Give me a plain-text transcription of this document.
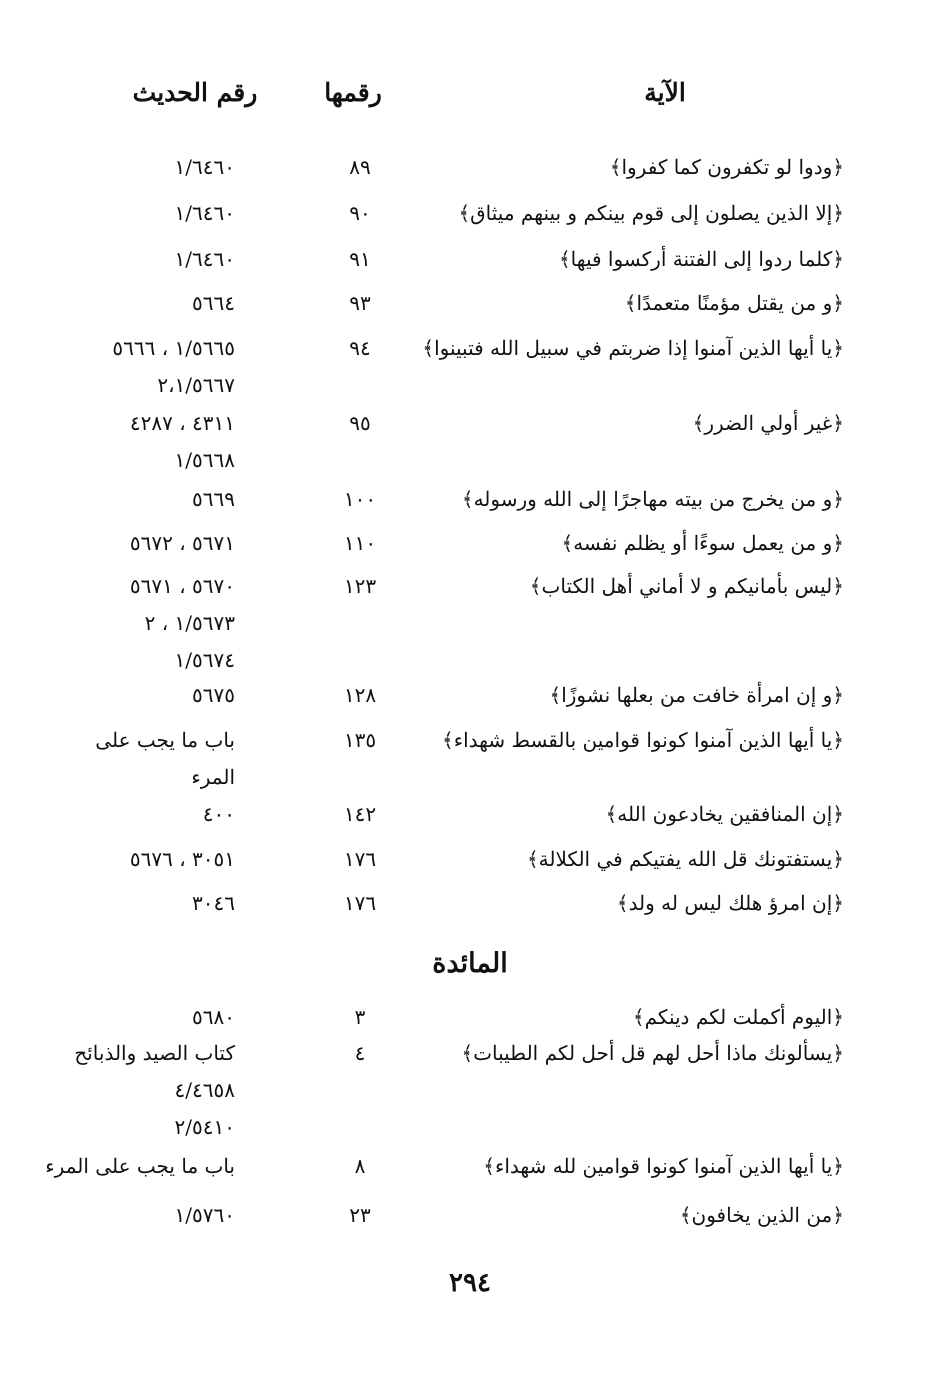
الآية
رقمها
رقم الحديث
﴿ودوا لو تكفرون كما كفروا﴾
٨٩
١/٦٤٦٠
﴿إلا الذين يصلون إلى قوم بينكم و بينهم ميثاق﴾
٩٠
١/٦٤٦٠
﴿كلما ردوا إلى الفتنة أركسوا فيها﴾
٩١
١/٦٤٦٠
﴿و من يقتل مؤمنًا متعمدًا﴾
٩٣
٥٦٦٤
﴿يا أيها الذين آمنوا إذا ضربتم في سبيل الله فتبينوا﴾
٩٤
١/٥٦٦٥ ، ٥٦٦٦
٢،١/٥٦٦٧
﴿غير أولي الضرر﴾
٩٥
٤٣١١ ، ٤٢٨٧
١/٥٦٦٨
﴿و من يخرج من بيته مهاجرًا إلى الله ورسوله﴾
١٠٠
٥٦٦٩
﴿و من يعمل سوءًا أو يظلم نفسه﴾
١١٠
٥٦٧١ ، ٥٦٧٢
﴿ليس بأمانيكم و لا أماني أهل الكتاب﴾
١٢٣
٥٦٧٠ ، ٥٦٧١
١/٥٦٧٣ ، ٢
١/٥٦٧٤
﴿و إن امرأة خافت من بعلها نشوزًا﴾
١٢٨
٥٦٧٥
﴿يا أيها الذين آمنوا كونوا قوامين بالقسط شهداء﴾
١٣٥
باب ما يجب على
المرء
﴿إن المنافقين يخادعون الله﴾
١٤٢
٤٠٠
﴿يستفتونك قل الله يفتيكم في الكلالة﴾
١٧٦
٣٠٥١ ، ٥٦٧٦
﴿إن امرؤ هلك ليس له ولد﴾
١٧٦
٣٠٤٦
المائدة
﴿اليوم أكملت لكم دينكم﴾
٣
٥٦٨٠
﴿يسألونك ماذا أحل لهم قل أحل لكم الطيبات﴾
٤
كتاب الصيد والذبائح
٤/٤٦٥٨
٢/٥٤١٠
﴿يا أيها الذين آمنوا كونوا قوامين لله شهداء﴾
٨
باب ما يجب على المرء
﴿من الذين يخافون﴾
٢٣
١/٥٧٦٠
٢٩٤
